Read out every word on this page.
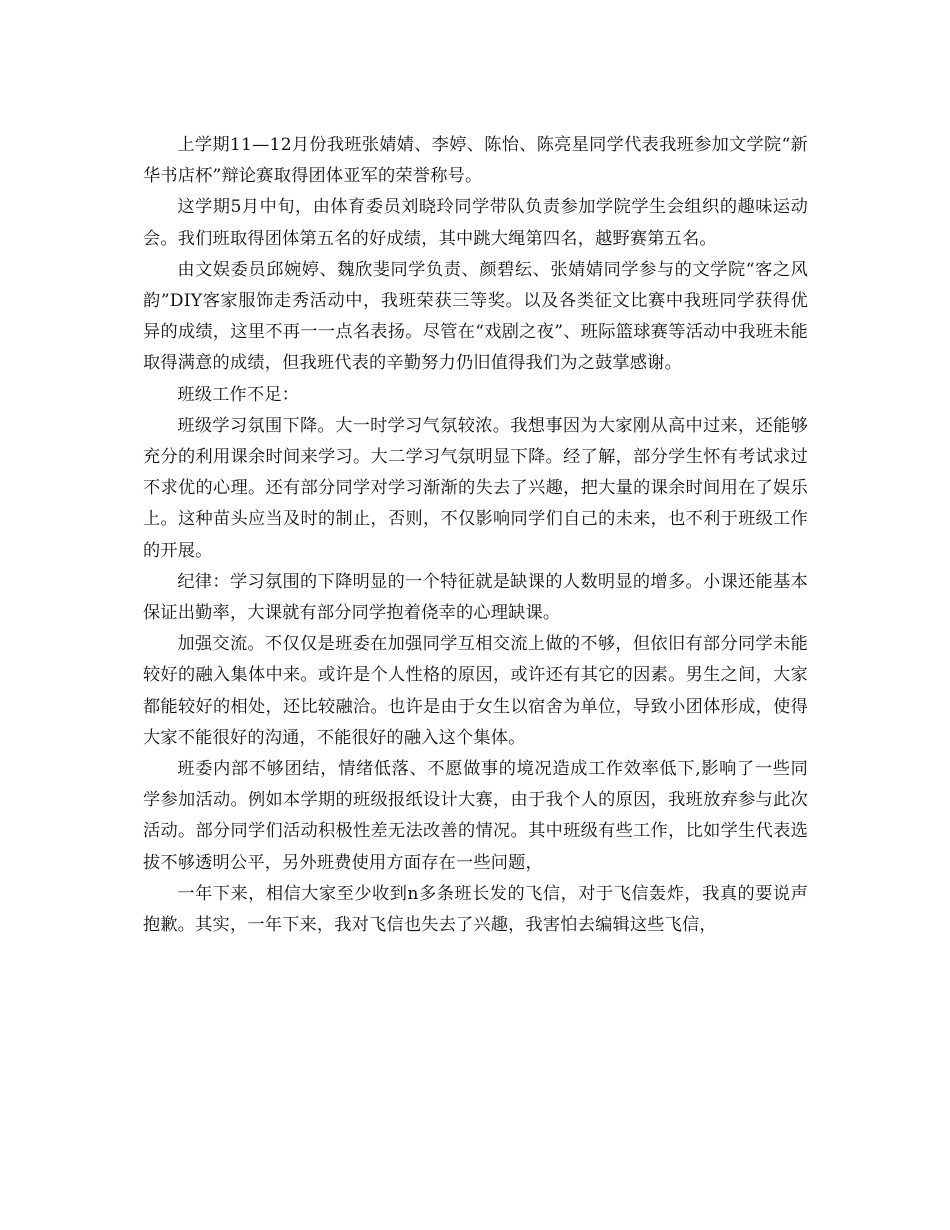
上学期11—12月份我班张婧婧、李婷、陈怡、陈亮星同学代表我班参加文学院“新华书店杯”辩论赛取得团体亚军的荣誉称号。

这学期5月中旬，由体育委员刘晓玲同学带队负责参加学院学生会组织的趣味运动会。我们班取得团体第五名的好成绩，其中跳大绳第四名，越野赛第五名。

由文娱委员邱婉婷、魏欣斐同学负责、颜碧纭、张婧婧同学参与的文学院“客之风韵”DIY客家服饰走秀活动中，我班荣获三等奖。以及各类征文比赛中我班同学获得优异的成绩，这里不再一一点名表扬。尽管在“戏剧之夜”、班际篮球赛等活动中我班未能取得满意的成绩，但我班代表的辛勤努力仍旧值得我们为之鼓掌感谢。

班级工作不足：

班级学习氛围下降。大一时学习气氛较浓。我想事因为大家刚从高中过来，还能够充分的利用课余时间来学习。大二学习气氛明显下降。经了解，部分学生怀有考试求过不求优的心理。还有部分同学对学习渐渐的失去了兴趣，把大量的课余时间用在了娱乐上。这种苗头应当及时的制止，否则，不仅影响同学们自己的未来，也不利于班级工作的开展。

纪律：学习氛围的下降明显的一个特征就是缺课的人数明显的增多。小课还能基本保证出勤率，大课就有部分同学抱着侥幸的心理缺课。

加强交流。不仅仅是班委在加强同学互相交流上做的不够，但依旧有部分同学未能较好的融入集体中来。或许是个人性格的原因，或许还有其它的因素。男生之间，大家都能较好的相处，还比较融洽。也许是由于女生以宿舍为单位，导致小团体形成，使得大家不能很好的沟通，不能很好的融入这个集体。

班委内部不够团结，情绪低落、不愿做事的境况造成工作效率低下,影响了一些同学参加活动。例如本学期的班级报纸设计大赛，由于我个人的原因，我班放弃参与此次活动。部分同学们活动积极性差无法改善的情况。其中班级有些工作，比如学生代表选拔不够透明公平，另外班费使用方面存在一些问题，

一年下来，相信大家至少收到n多条班长发的飞信，对于飞信轰炸，我真的要说声抱歉。其实，一年下来，我对飞信也失去了兴趣，我害怕去编辑这些飞信，
